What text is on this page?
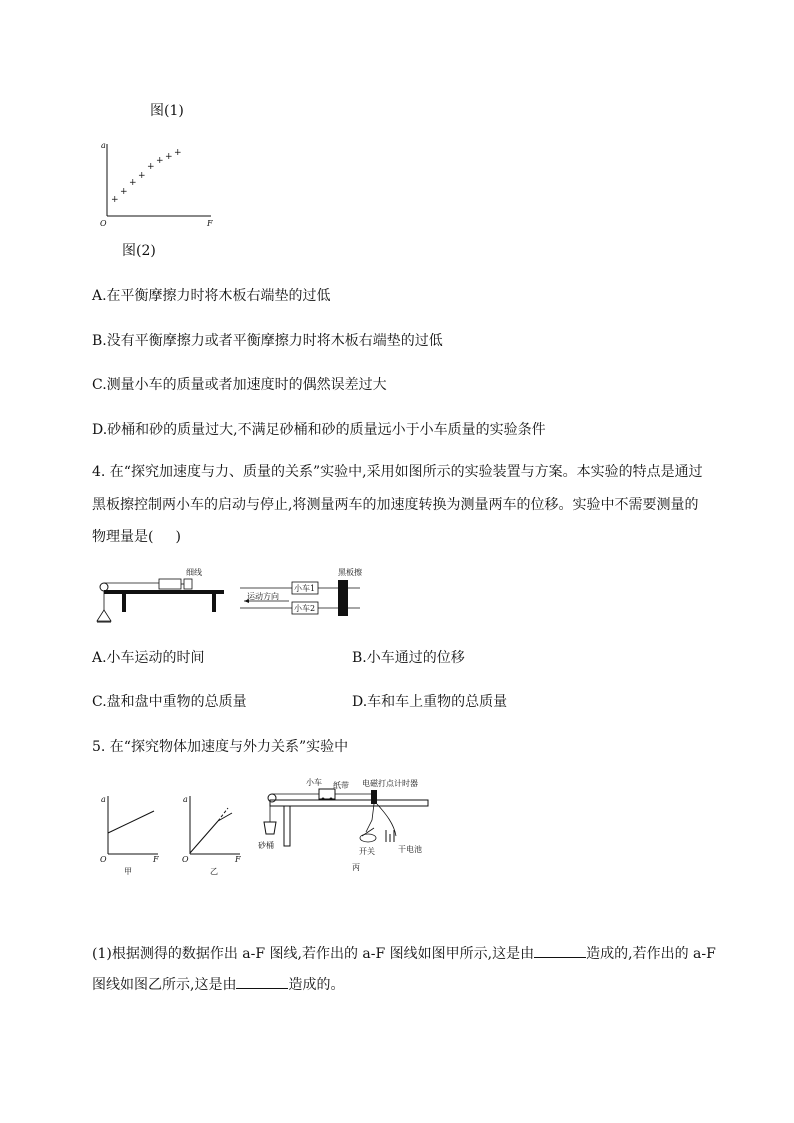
图(1)
a
F
O
+
+
+
+
+
+ + +
图(2)
A.在平衡摩擦力时将木板右端垫的过低
B.没有平衡摩擦力或者平衡摩擦力时将木板右端垫的过低
C.测量小车的质量或者加速度时的偶然误差过大
D.砂桶和砂的质量过大,不满足砂桶和砂的质量远小于小车质量的实验条件
4. 在“探究加速度与力、质量的关系”实验中,采用如图所示的实验装置与方案。本实验的特点是通过
黑板擦控制两小车的启动与停止,将测量两车的加速度转换为测量两车的位移。实验中不需要测量的
物理量是( )
细线	黑板擦
运动方向
小车1
小车2
A.小车运动的时间	B.小车通过的位移
C.盘和盘中重物的总质量	D.车和车上重物的总质量
5. 在“探究物体加速度与外力关系”实验中
a
F
O
甲
a
F
O
乙
小车 纸带 电磁打点计时器
砂桶
开关	干电池
丙
(1)根据测得的数据作出 a-F 图线,若作出的 a-F 图线如图甲所示,这是由	造成的,若作出的 a-F
图线如图乙所示,这是由	造成的。
